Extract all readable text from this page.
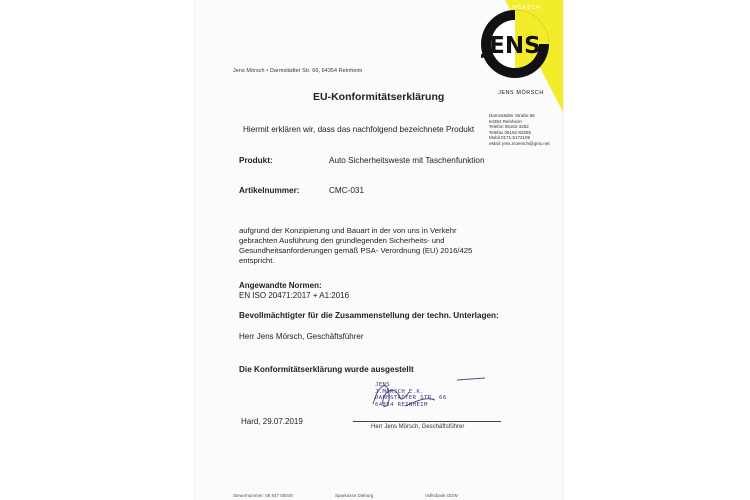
Jens Mörsch • Darmstädter Str. 66, 64354 Reinheim
JENS.
JENS MÖRSCH
JENS MÖRSCH
Darmstädter Straße 66
64354 Reinheim
Telefon 06162-3282
Telefax 06162-83265
Mobil 0171-5172109
eMail: jens.moersch@gmx.net
EU-Konformitätserklärung
Hiermit erklären wir, dass das nachfolgend bezeichnete Produkt
Produkt:	Auto Sicherheitsweste mit Taschenfunktion
Artikelnummer:	CMC-031
aufgrund der Konzipierung und Bauart in der von uns in Verkehr
gebrachten Ausführung den grundlegenden Sicherheits- und
Gesundheitsanforderungen gemäß PSA- Verordnung (EU) 2016/425
entspricht.
Angewandte Normen:
EN ISO 20471:2017 + A1:2016
Bevollmächtigter für die Zusammenstellung der techn. Unterlagen:
Herr Jens Mörsch, Geschäftsführer
Die Konformitätserklärung wurde ausgestellt
JENS
J.MÖRSCH E.K.
DARMSTÄDTER STR. 66
64354 REINHEIM
Hard, 29.07.2019
Herr Jens Mörsch, Geschäftsführer
Steuernummer: 08 847 00048	Sparkasse Dieburg	Volksbank ODW
